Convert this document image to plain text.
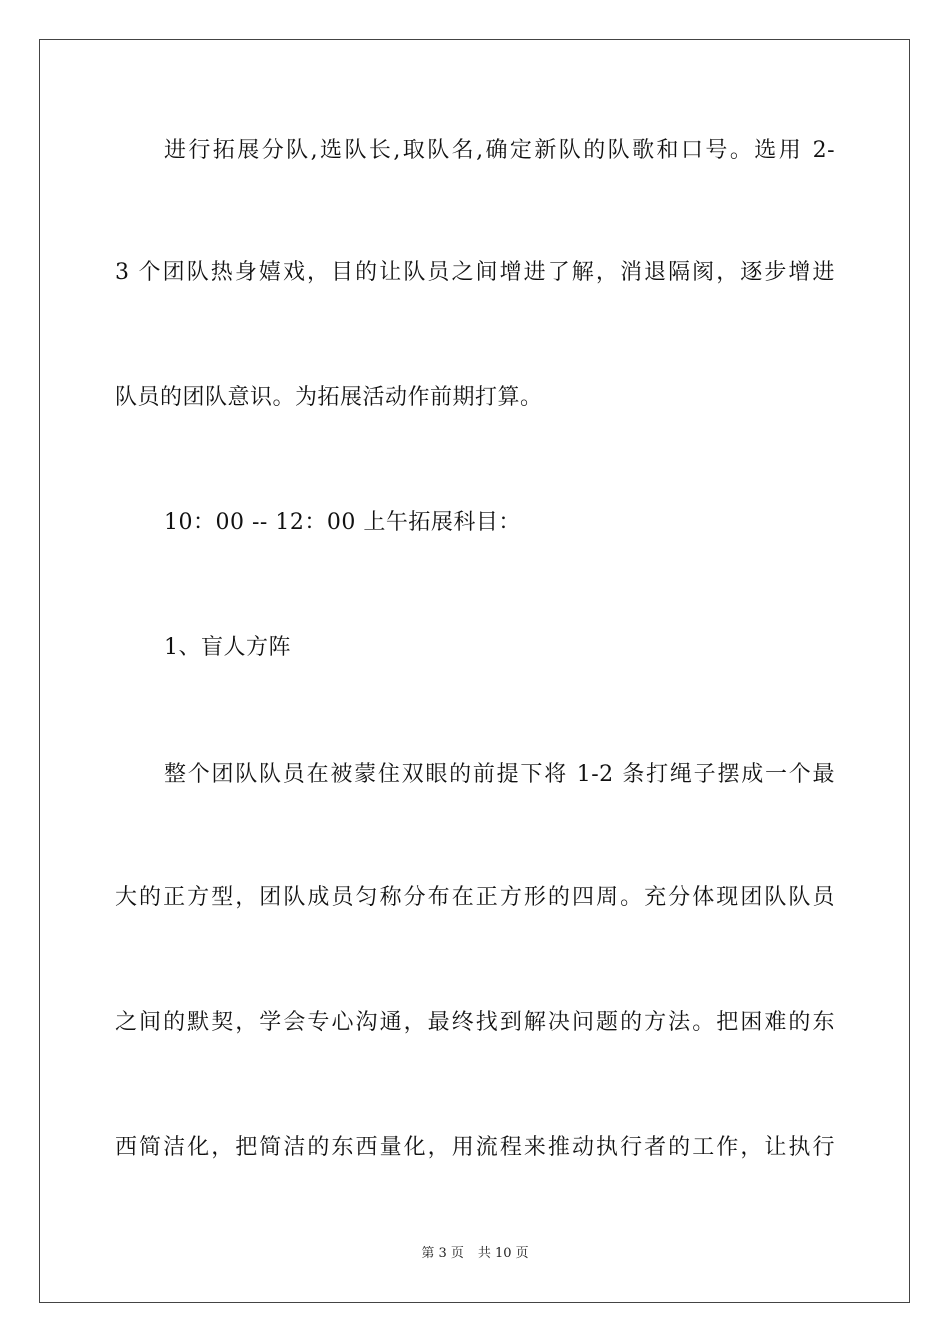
进行拓展分队,选队长,取队名,确定新队的队歌和口号。选用 2-
3 个团队热身嬉戏，目的让队员之间增进了解，消退隔阂，逐步增进
队员的团队意识。为拓展活动作前期打算。
10：00 -- 12：00 上午拓展科目：
1、盲人方阵
整个团队队员在被蒙住双眼的前提下将 1-2 条打绳子摆成一个最
大的正方型，团队成员匀称分布在正方形的四周。充分体现团队队员
之间的默契，学会专心沟通，最终找到解决问题的方法。把困难的东
西简洁化，把简洁的东西量化，用流程来推动执行者的工作，让执行
第 3 页 共 10 页
